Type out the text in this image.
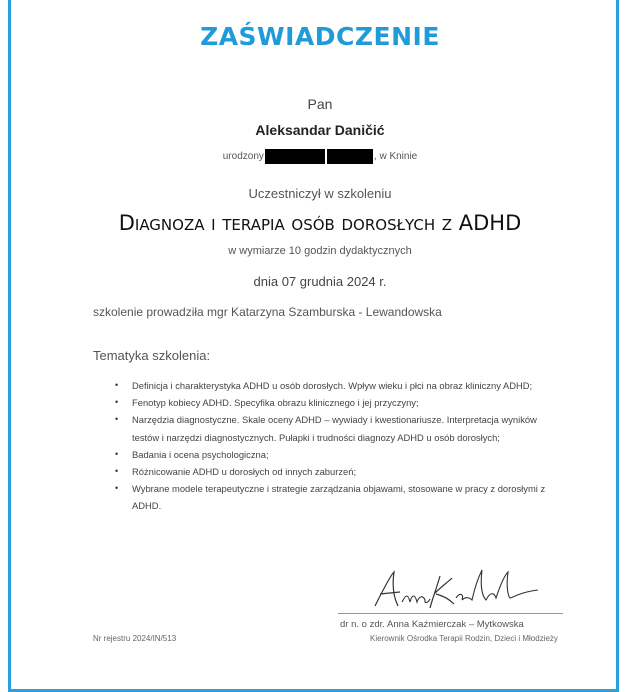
ZAŚWIADCZENIE
Pan
Aleksandar Daničić
urodzony	, w Kninie
Uczestniczył w szkoleniu
Diagnoza i terapia osób dorosłych z ADHD
w wymiarze 10 godzin dydaktycznych
dnia 07 grudnia 2024 r.
szkolenie prowadziła mgr Katarzyna Szamburska - Lewandowska
Tematyka szkolenia:
• Definicja i charakterystyka ADHD u osób dorosłych. Wpływ wieku i płci na obraz kliniczny ADHD;
• Fenotyp kobiecy ADHD. Specyfika obrazu klinicznego i jej przyczyny;
• Narzędzia diagnostyczne. Skale oceny ADHD – wywiady i kwestionariusze. Interpretacja wyników testów i narzędzi diagnostycznych. Pułapki i trudności diagnozy ADHD u osób dorosłych;
• Badania i ocena psychologiczna;
• Różnicowanie ADHD u dorosłych od innych zaburzeń;
• Wybrane modele terapeutyczne i strategie zarządzania objawami, stosowane w pracy z dorosłymi z ADHD.
dr n. o zdr. Anna Kaźmierczak – Mytkowska
Nr rejestru 2024/IN/513	Kierownik Ośrodka Terapii Rodzin, Dzieci i Młodzieży
